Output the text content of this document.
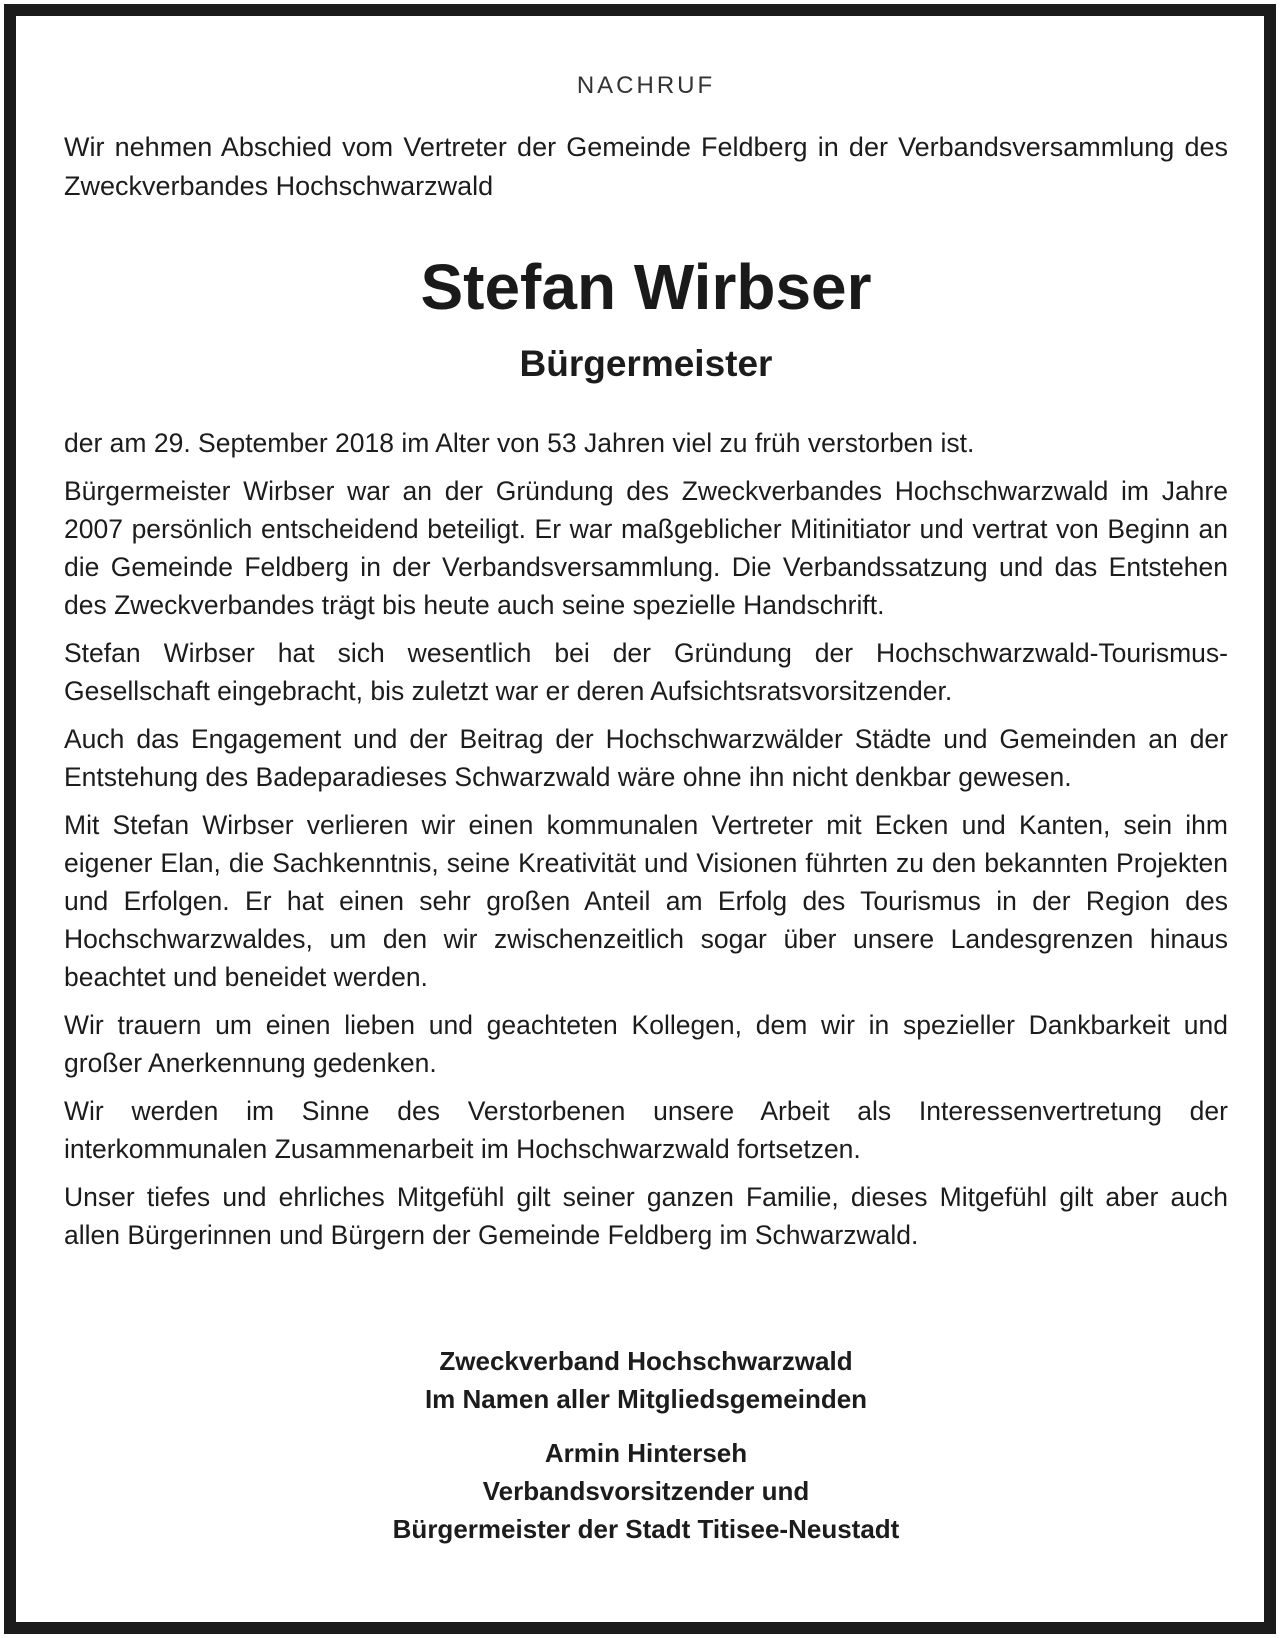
NACHRUF

Wir nehmen Abschied vom Vertreter der Gemeinde Feldberg in der Verbandsversammlung des Zweckverbandes Hochschwarzwald

Stefan Wirbser
Bürgermeister

der am 29. September 2018 im Alter von 53 Jahren viel zu früh verstorben ist.

Bürgermeister Wirbser war an der Gründung des Zweckverbandes Hochschwarzwald im Jahre 2007 persönlich entscheidend beteiligt. Er war maßgeblicher Mitinitiator und vertrat von Beginn an die Gemeinde Feldberg in der Verbandsversammlung. Die Verbandssatzung und das Entstehen des Zweckverbandes trägt bis heute auch seine spezielle Handschrift.

Stefan Wirbser hat sich wesentlich bei der Gründung der Hochschwarzwald-Tourismus-Gesellschaft eingebracht, bis zuletzt war er deren Aufsichtsratsvorsitzender.

Auch das Engagement und der Beitrag der Hochschwarzwälder Städte und Gemeinden an der Entstehung des Badeparadieses Schwarzwald wäre ohne ihn nicht denkbar gewesen.

Mit Stefan Wirbser verlieren wir einen kommunalen Vertreter mit Ecken und Kanten, sein ihm eigener Elan, die Sachkenntnis, seine Kreativität und Visionen führten zu den bekannten Projekten und Erfolgen. Er hat einen sehr großen Anteil am Erfolg des Tourismus in der Region des Hochschwarzwaldes, um den wir zwischenzeitlich sogar über unsere Landesgrenzen hinaus beachtet und beneidet werden.

Wir trauern um einen lieben und geachteten Kollegen, dem wir in spezieller Dankbarkeit und großer Anerkennung gedenken.

Wir werden im Sinne des Verstorbenen unsere Arbeit als Interessenvertretung der interkommunalen Zusammenarbeit im Hochschwarzwald fortsetzen.

Unser tiefes und ehrliches Mitgefühl gilt seiner ganzen Familie, dieses Mitgefühl gilt aber auch allen Bürgerinnen und Bürgern der Gemeinde Feldberg im Schwarzwald.

Zweckverband Hochschwarzwald
Im Namen aller Mitgliedsgemeinden
Armin Hinterseh
Verbandsvorsitzender und
Bürgermeister der Stadt Titisee-Neustadt
